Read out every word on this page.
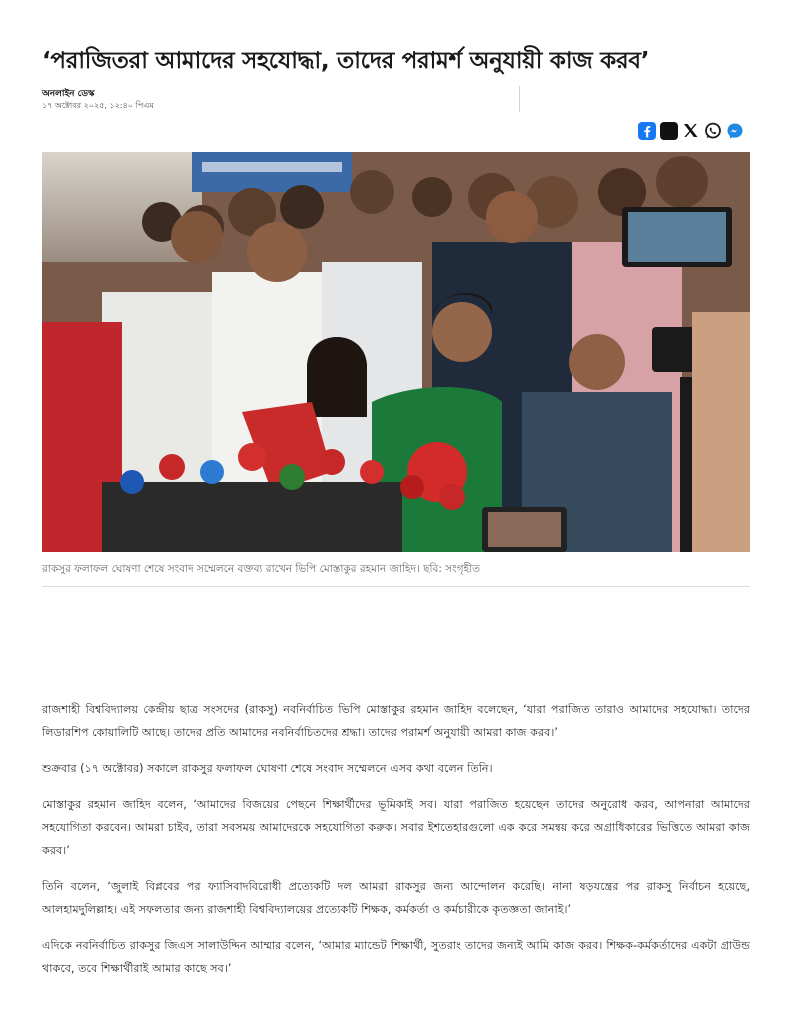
‘পরাজিতরা আমাদের সহযোদ্ধা, তাদের পরামর্শ অনুযায়ী কাজ করব’
অনলাইন ডেস্ক
১৭ অক্টোবর ২০২৫, ১২:৪০ পিএম

রাকসুর ফলাফল ঘোষণা শেষে সংবাদ সম্মেলনে বক্তব্য রাখেন ভিপি মোস্তাকুর রহমান জাহিদ। ছবি: সংগৃহীত

রাজশাহী বিশ্ববিদ্যালয় কেন্দ্রীয় ছাত্র সংসদের (রাকসু) নবনির্বাচিত ভিপি মোস্তাকুর রহমান জাহিদ বলেছেন, ‘যারা পরাজিত তারাও আমাদের সহযোদ্ধা। তাদের লিডারশিপ কোয়ালিটি আছে। তাদের প্রতি আমাদের নবনির্বাচিতদের শ্রদ্ধা। তাদের পরামর্শ অনুযায়ী আমরা কাজ করব।’

শুক্রবার (১৭ অক্টোবর) সকালে রাকসুর ফলাফল ঘোষণা শেষে সংবাদ সম্মেলনে এসব কথা বলেন তিনি।

মোস্তাকুর রহমান জাহিদ বলেন, ‘আমাদের বিজয়ের পেছনে শিক্ষার্থীদের ভূমিকাই সব। যারা পরাজিত হয়েছেন তাদের অনুরোধ করব, আপনারা আমাদের সহযোগিতা করবেন। আমরা চাইব, তারা সবসময় আমাদেরকে সহযোগিতা করুক। সবার ইশতেহারগুলো এক করে সমন্বয় করে অগ্রাধিকারের ভিত্তিতে আমরা কাজ করব।’

তিনি বলেন, ‘জুলাই বিপ্লবের পর ফ্যাসিবাদবিরোধী প্রত্যেকটি দল আমরা রাকসুর জন্য আন্দোলন করেছি। নানা ষড়যন্ত্রের পর রাকসু নির্বাচন হয়েছে, আলহামদুলিল্লাহ। এই সফলতার জন্য রাজশাহী বিশ্ববিদ্যালয়ের প্রত্যেকটি শিক্ষক, কর্মকর্তা ও কর্মচারীকে কৃতজ্ঞতা জানাই।’

এদিকে নবনির্বাচিত রাকসুর জিএস সালাউদ্দিন আম্মার বলেন, ‘আমার ম্যান্ডেট শিক্ষার্থী, সুতরাং তাদের জন্যই আমি কাজ করব। শিক্ষক-কর্মকর্তাদের একটা গ্রাউন্ড থাকবে, তবে শিক্ষার্থীরাই আমার কাছে সব।’
